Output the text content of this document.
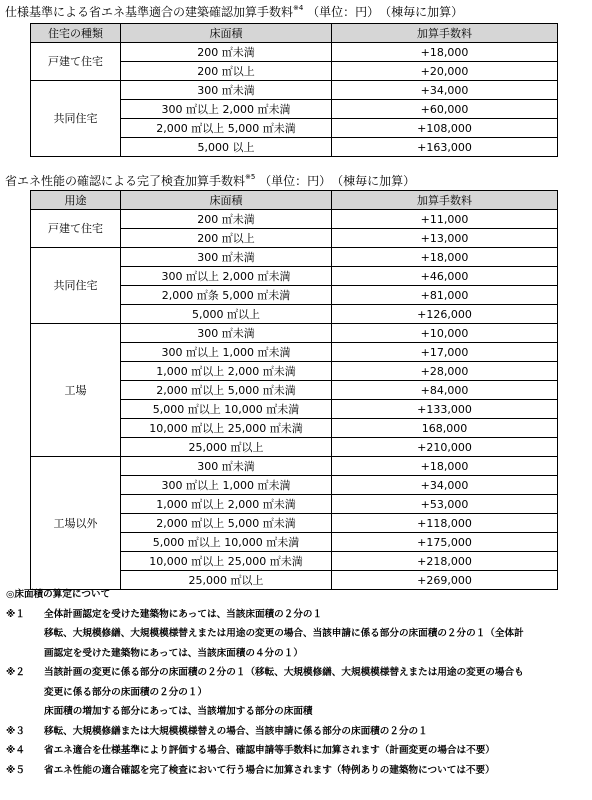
仕様基準による省エネ基準適合の建築確認加算手数料$^{※4}$ （単位：円）　（棟毎に加算）
住宅の種類	床面積	加算手数料
戸建て住宅	200 ㎡未満	+18,000
	200 ㎡以上	+20,000
共同住宅	300 ㎡未満	+34,000
	300 ㎡以上 2,000 ㎡未満	+60,000
	2,000 ㎡以上 5,000 ㎡未満	+108,000
	5,000 以上	+163,000
省エネ性能の確認による完了検査加算手数料$^{※5}$ （単位：円）　（棟毎に加算）
用途	床面積	加算手数料
戸建て住宅	200 ㎡未満	+11,000
	200 ㎡以上	+13,000
共同住宅	300 ㎡未満	+18,000
	300 ㎡以上 2,000 ㎡未満	+46,000
	2,000 ㎡条 5,000 ㎡未満	+81,000
	5,000 ㎡以上	+126,000
工場	300 ㎡未満	+10,000
	300 ㎡以上 1,000 ㎡未満	+17,000
	1,000 ㎡以上 2,000 ㎡未満	+28,000
	2,000 ㎡以上 5,000 ㎡未満	+84,000
	5,000 ㎡以上 10,000 ㎡未満	+133,000
	10,000 ㎡以上 25,000 ㎡未満	168,000
	25,000 ㎡以上	+210,000
工場以外	300 ㎡未満	+18,000
	300 ㎡以上 1,000 ㎡未満	+34,000
	1,000 ㎡以上 2,000 ㎡未満	+53,000
	2,000 ㎡以上 5,000 ㎡未満	+118,000
	5,000 ㎡以上 10,000 ㎡未満	+175,000
	10,000 ㎡以上 25,000 ㎡未満	+218,000
	25,000 ㎡以上	+269,000
◎床面積の算定について
※１ 全体計画認定を受けた建築物にあっては、当該床面積の２分の１
移転、大規模修繕、大規模模様替えまたは用途の変更の場合、当該申請に係る部分の床面積の２分の１（全体計
画認定を受けた建築物にあっては、当該床面積の４分の１）
※２ 当該計画の変更に係る部分の床面積の２分の１（移転、大規模修繕、大規模模様替えまたは用途の変更の場合も
変更に係る部分の床面積の２分の１）
床面積の増加する部分にあっては、当該増加する部分の床面積
※３ 移転、大規模修繕または大規模模様替えの場合、当該申請に係る部分の床面積の２分の１
※４ 省エネ適合を仕様基準により評価する場合、確認申請等手数料に加算されます（計画変更の場合は不要）
※５ 省エネ性能の適合確認を完了検査において行う場合に加算されます（特例ありの建築物については不要）
